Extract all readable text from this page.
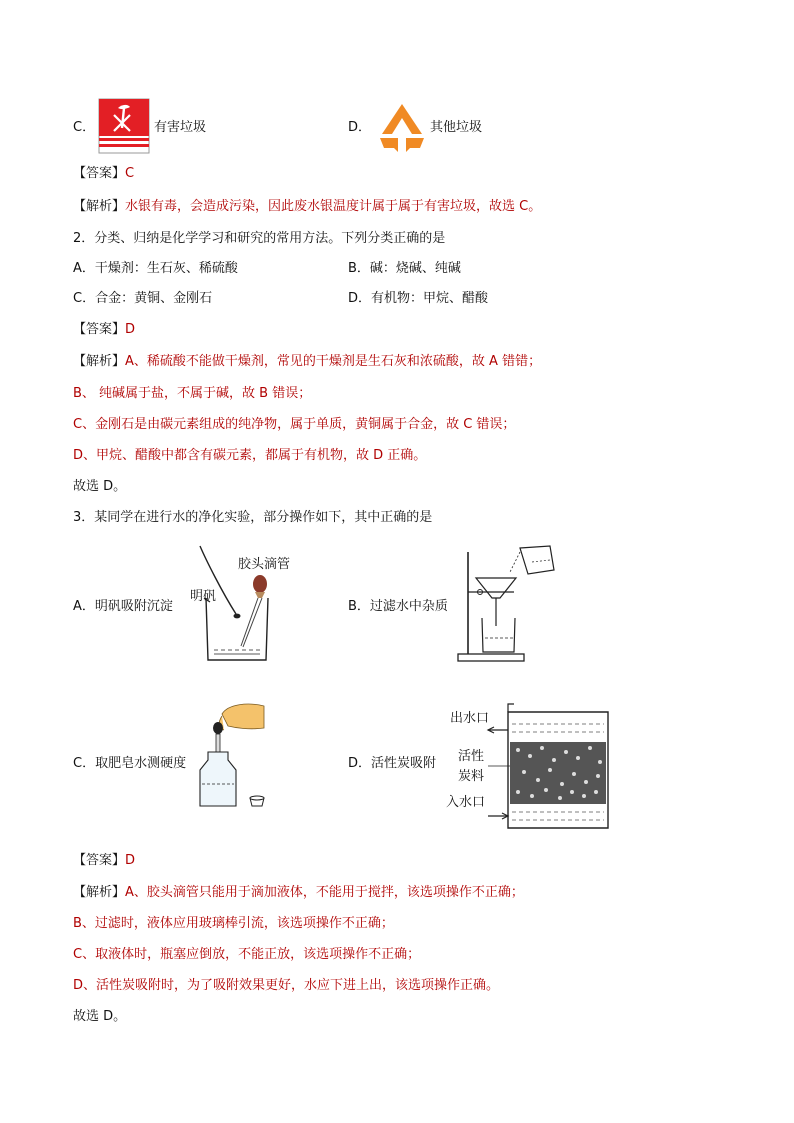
C．	有害垃圾	D．	其他垃圾
【答案】C
【解析】水银有毒，会造成污染，因此废水银温度计属于属于有害垃圾，故选 C。
2．分类、归纳是化学学习和研究的常用方法。下列分类正确的是
A．干燥剂：生石灰、稀硫酸	B．碱：烧碱、纯碱
C．合金：黄铜、金刚石	D．有机物：甲烷、醋酸
【答案】D
【解析】A、稀硫酸不能做干燥剂，常见的干燥剂是生石灰和浓硫酸，故 A 错错；
B、 纯碱属于盐，不属于碱，故 B 错误；
C、金刚石是由碳元素组成的纯净物，属于单质，黄铜属于合金，故 C 错误；
D、甲烷、醋酸中都含有碳元素，都属于有机物，故 D 正确。
故选 D。
3．某同学在进行水的净化实验，部分操作如下，其中正确的是
A．明矾吸附沉淀
胶头滴管
明矾
B．过滤水中杂质
C．取肥皂水测硬度	D．活性炭吸附
出水口
活性
炭料
入水口
【答案】D
【解析】A、胶头滴管只能用于滴加液体，不能用于搅拌，该选项操作不正确；
B、过滤时，液体应用玻璃棒引流，该选项操作不正确；
C、取液体时，瓶塞应倒放，不能正放，该选项操作不正确；
D、活性炭吸附时，为了吸附效果更好，水应下进上出，该选项操作正确。
故选 D。
